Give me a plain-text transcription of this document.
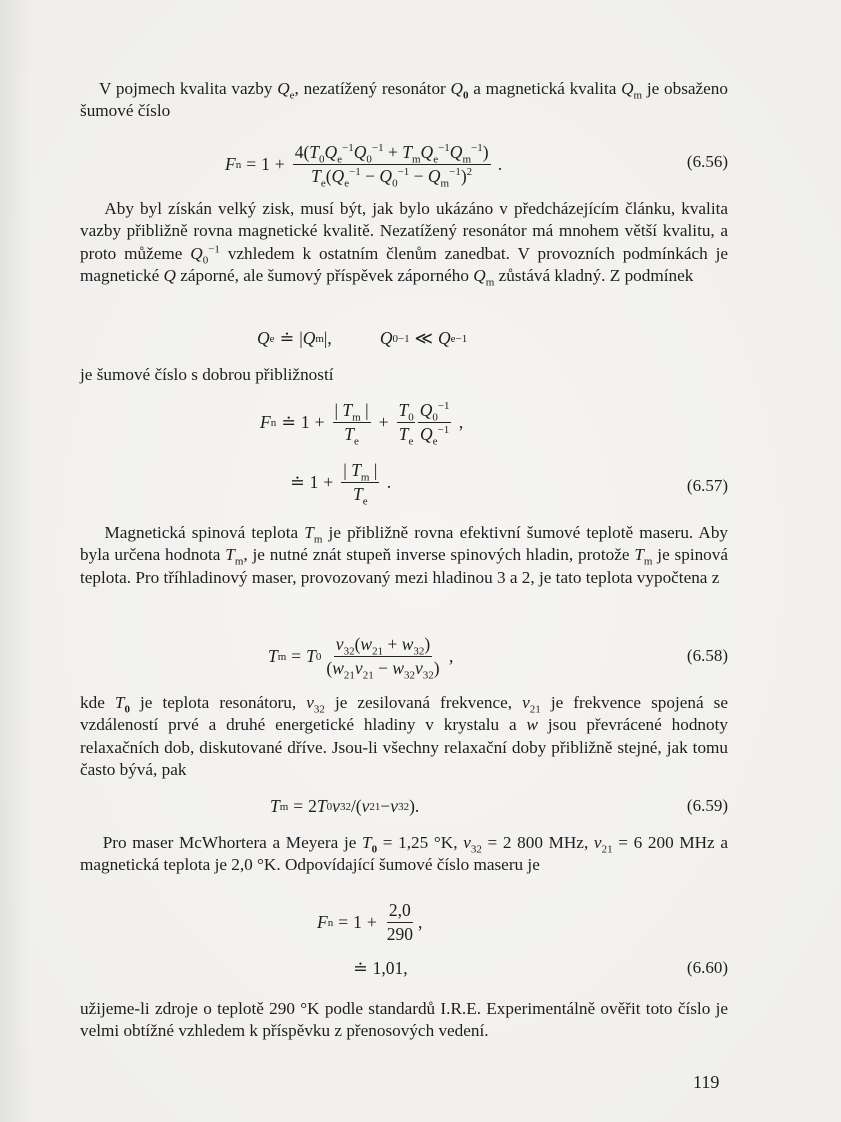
V pojmech kvalita vazby $Q_e$, nezatížený resonátor $Q_0$ a magnetická kvalita $Q_m$ je obsaženo šumové číslo
F $n = 1 + \frac{4(T_0Q_e^{-1}Q_0^{-1} + T_mQ_e^{-1}Q_m^{-1})}{T_e(Q_e^{-1} - Q_0^{-1} - Q_m^{-1})^2}$ .	(6.56)
Aby byl získán velký zisk, musí být, jak bylo ukázáno v předcházejícím článku, kvalita vazby přibližně rovna magnetické kvalitě. Nezatížený resonátor má mnohem větší kvalitu, a proto můžeme $Q_0^{-1}$ vzhledem k ostatním členům zanedbat. V provozních podmínkách je magnetické Q záporné, ale šumový příspěvek záporného $Q_m$ zůstává kladný. Z podmínek
Q e ≐ | Q m |,	Q 0 −1 ≪ Q e −1
je šumové číslo s dobrou přibližností
F n ≐ $1 + \frac{| T_m |}{T_e} + \frac{T_0}{T_e} \frac{Q_0^{-1}}{Q_e^{-1}}$ ,
≐ $1 + \frac{| T_m |}{T_e}$ .	(6.57)
Magnetická spinová teplota $T_m$ je přibližně rovna efektivní šumové teplotě maseru. Aby byla určena hodnota $T_m$, je nutné znát stupeň inverse spinových hladin, protože $T_m$ je spinová teplota. Pro tříhladinový maser, provozovaný mezi hladinou 3 a 2, je tato teplota vypočtena z
T m = T $0 \frac{\nu_{32}(w_{21} + w_{32})}{(w_{21}\nu_{21} - w_{32}\nu_{32})}$ ,	(6.58)
kde $T_0$ je teplota resonátoru, $\nu_{32}$ je zesilovaná frekvence, $\nu_{21}$ je frekvence spojená se vzdáleností prvé a druhé energetické hladiny v krystalu a w jsou převrácené hodnoty relaxačních dob, diskutované dříve. Jsou-li všechny relaxační doby přibližně stejné, jak tomu často bývá, pak
T m = 2 T 0 ν 32 /( ν 21 − ν 32 ).	(6.59)
Pro maser McWhortera a Meyera je $T_0 = 1,25$ °K, $\nu_{32} = 2$ 800 MHz, $\nu_{21} = 6$ 200 MHz a magnetická teplota je 2,0 °K. Odpovídající šumové číslo maseru je
F $n = 1 + \frac{2,0}{290}$ ,
≐ 1,01,	(6.60)
užijeme-li zdroje o teplotě 290 °K podle standardů I.R.E. Experimentálně ověřit toto číslo je velmi obtížné vzhledem k příspěvku z přenosových vedení.
119
